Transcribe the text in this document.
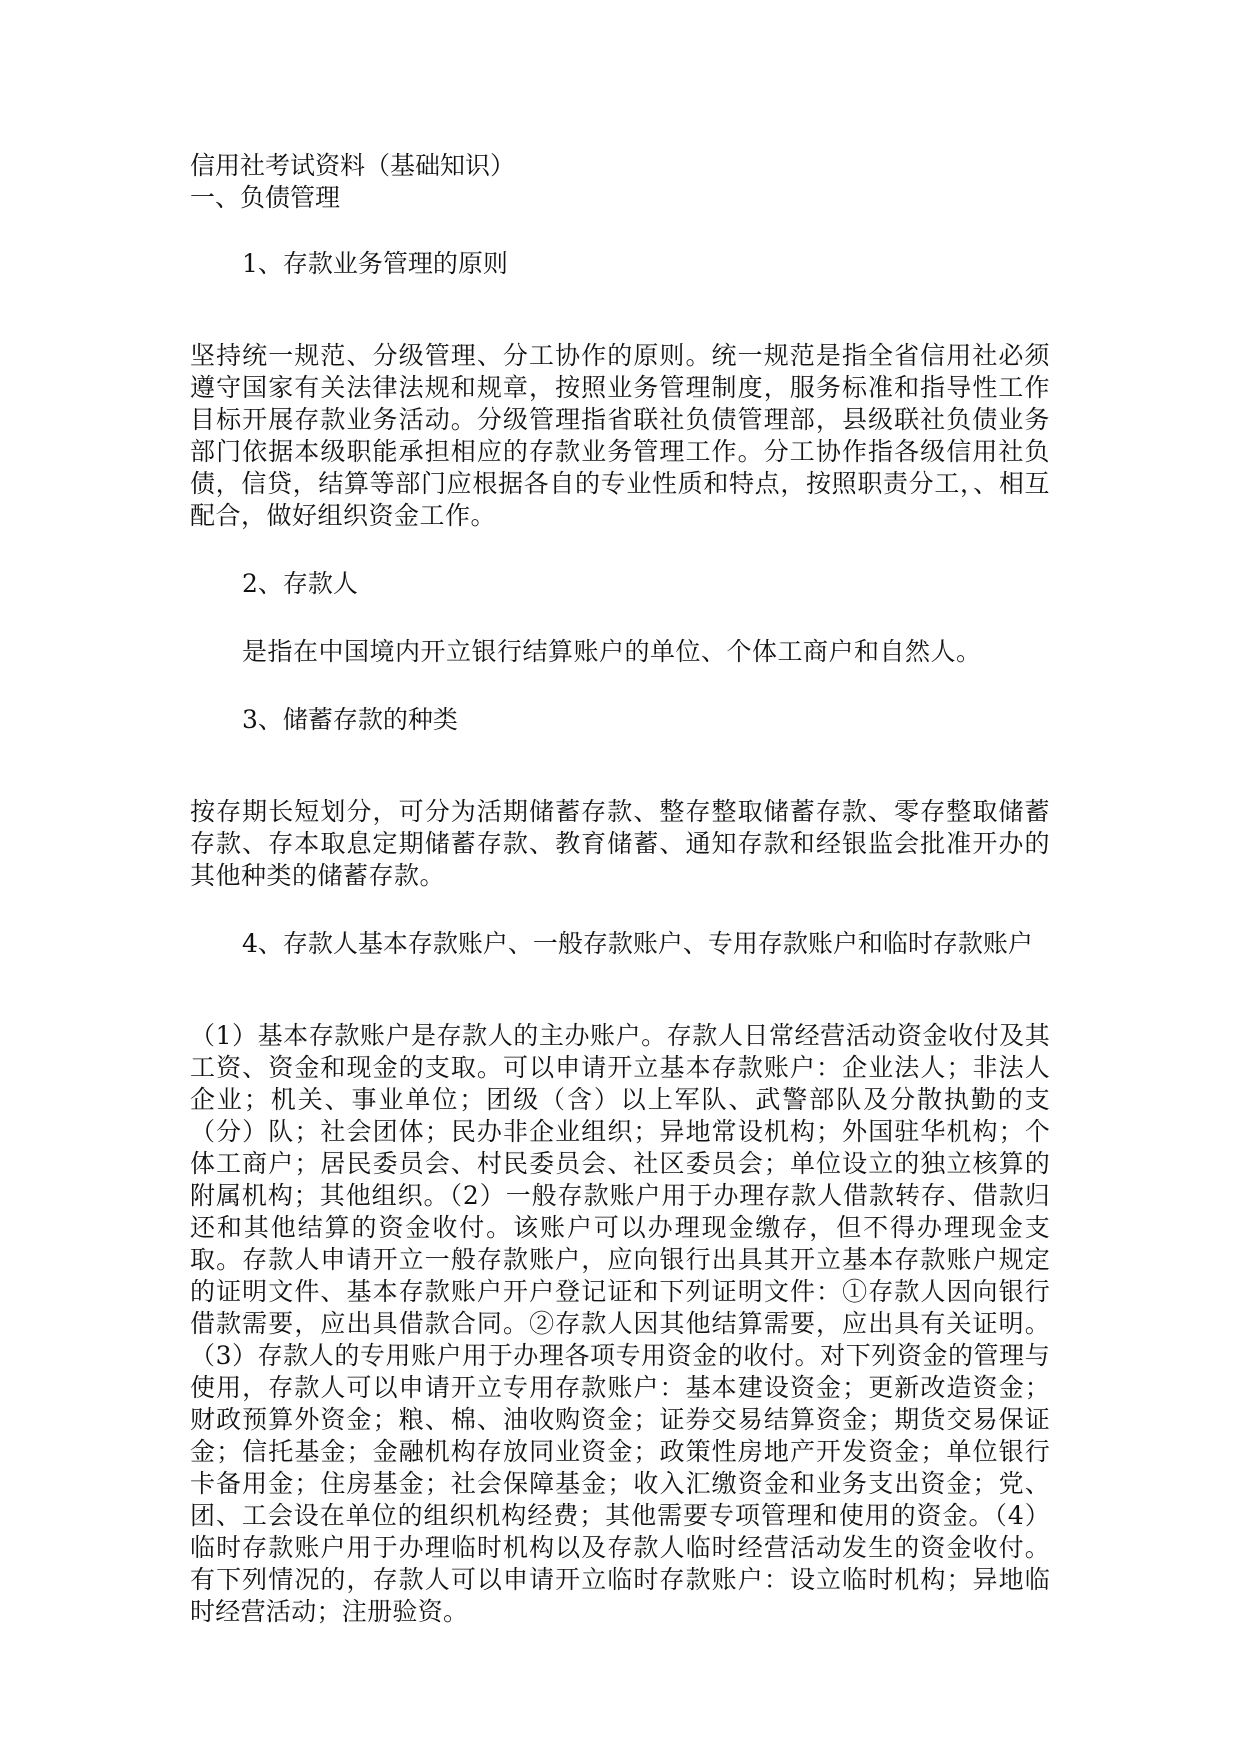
信用社考试资料（基础知识）

一、负债管理

1、存款业务管理的原则

坚持统一规范、分级管理、分工协作的原则。统一规范是指全省信用社必须遵守国家有关法律法规和规章，按照业务管理制度，服务标准和指导性工作目标开展存款业务活动。分级管理指省联社负债管理部，县级联社负债业务部门依据本级职能承担相应的存款业务管理工作。分工协作指各级信用社负债，信贷，结算等部门应根据各自的专业性质和特点，按照职责分工，、相互配合，做好组织资金工作。

2、存款人

是指在中国境内开立银行结算账户的单位、个体工商户和自然人。

3、储蓄存款的种类

按存期长短划分，可分为活期储蓄存款、整存整取储蓄存款、零存整取储蓄存款、存本取息定期储蓄存款、教育储蓄、通知存款和经银监会批准开办的其他种类的储蓄存款。

4、存款人基本存款账户、一般存款账户、专用存款账户和临时存款账户

（1）基本存款账户是存款人的主办账户。存款人日常经营活动资金收付及其工资、资金和现金的支取。可以申请开立基本存款账户：企业法人；非法人企业；机关、事业单位；团级（含）以上军队、武警部队及分散执勤的支（分）队；社会团体；民办非企业组织；异地常设机构；外国驻华机构；个体工商户；居民委员会、村民委员会、社区委员会；单位设立的独立核算的附属机构；其他组织。（2）一般存款账户用于办理存款人借款转存、借款归还和其他结算的资金收付。该账户可以办理现金缴存，但不得办理现金支取。存款人申请开立一般存款账户，应向银行出具其开立基本存款账户规定的证明文件、基本存款账户开户登记证和下列证明文件：①存款人因向银行借款需要，应出具借款合同。②存款人因其他结算需要，应出具有关证明。（3）存款人的专用账户用于办理各项专用资金的收付。对下列资金的管理与使用，存款人可以申请开立专用存款账户：基本建设资金；更新改造资金；财政预算外资金；粮、棉、油收购资金；证券交易结算资金；期货交易保证金；信托基金；金融机构存放同业资金；政策性房地产开发资金；单位银行卡备用金；住房基金；社会保障基金；收入汇缴资金和业务支出资金；党、团、工会设在单位的组织机构经费；其他需要专项管理和使用的资金。（4）临时存款账户用于办理临时机构以及存款人临时经营活动发生的资金收付。有下列情况的，存款人可以申请开立临时存款账户：设立临时机构；异地临时经营活动；注册验资。
